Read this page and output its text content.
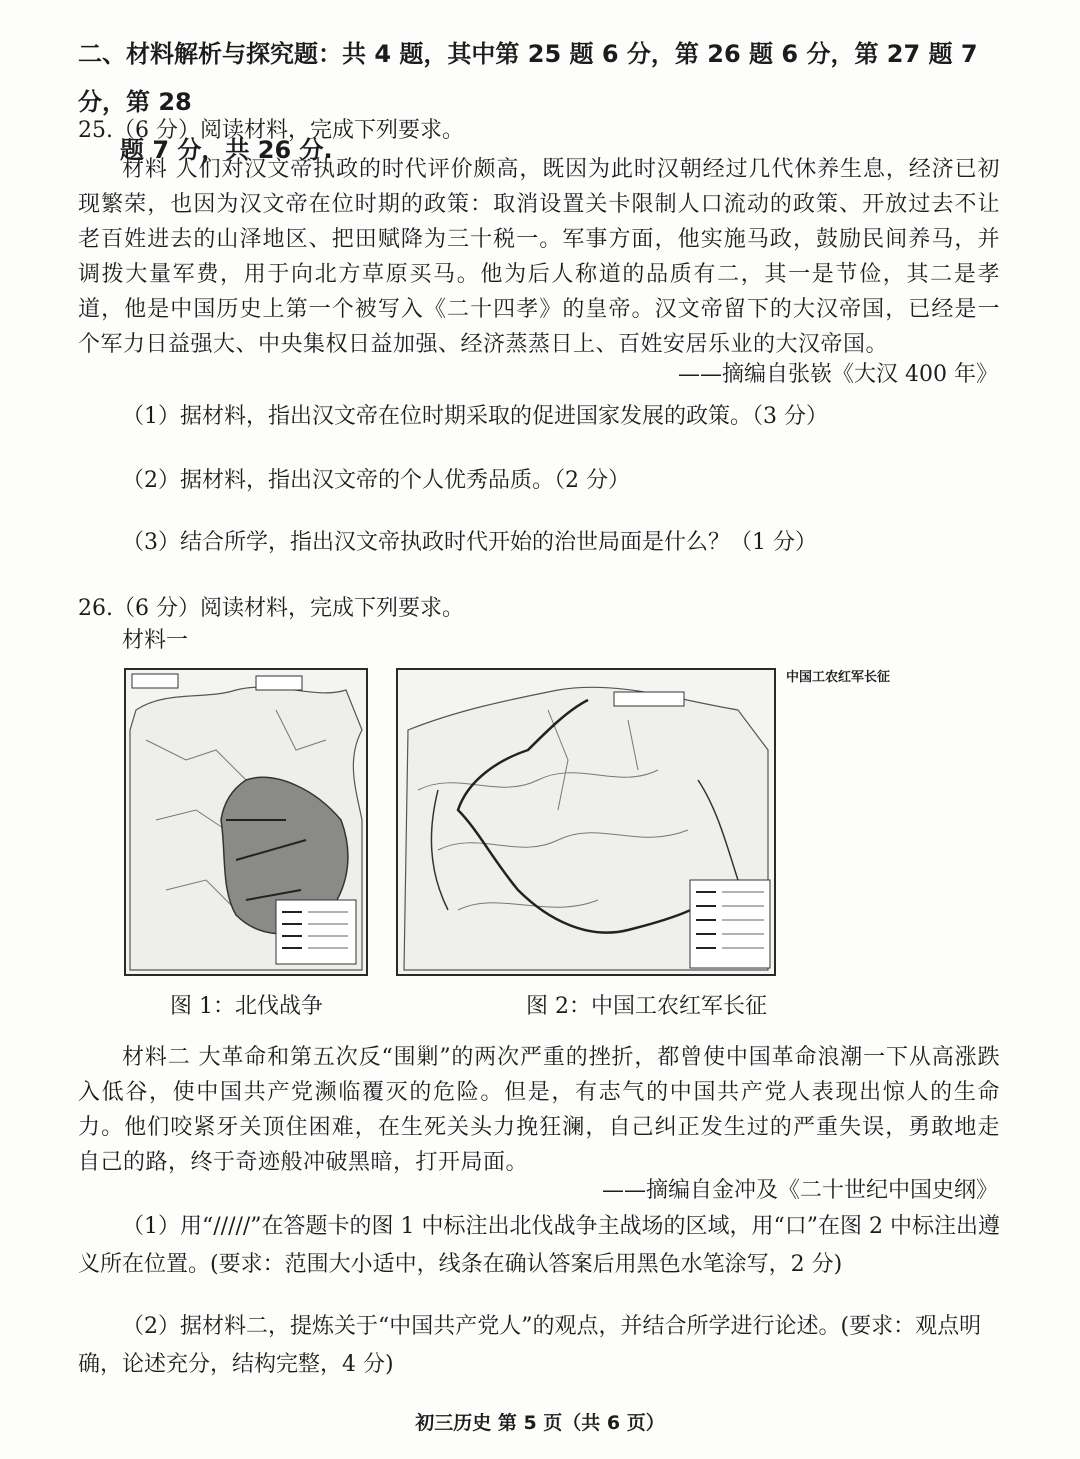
二、材料解析与探究题：共 4 题，其中第 25 题 6 分，第 26 题 6 分，第 27 题 7 分，第 28
题 7 分，共 26 分.
25.（6 分）阅读材料，完成下列要求。
材料 人们对汉文帝执政的时代评价颇高，既因为此时汉朝经过几代休养生息，经济已初现繁荣，也因为汉文帝在位时期的政策：取消设置关卡限制人口流动的政策、开放过去不让老百姓进去的山泽地区、把田赋降为三十税一。军事方面，他实施马政，鼓励民间养马，并调拨大量军费，用于向北方草原买马。他为后人称道的品质有二，其一是节俭，其二是孝道，他是中国历史上第一个被写入《二十四孝》的皇帝。汉文帝留下的大汉帝国，已经是一个军力日益强大、中央集权日益加强、经济蒸蒸日上、百姓安居乐业的大汉帝国。
——摘编自张嵚《大汉 400 年》
（1）据材料，指出汉文帝在位时期采取的促进国家发展的政策。（3 分）
（2）据材料，指出汉文帝的个人优秀品质。（2 分）
（3）结合所学，指出汉文帝执政时代开始的治世局面是什么？（1 分）
26.（6 分）阅读材料，完成下列要求。
材料一
中国工农红军长征
图 1：北伐战争	图 2：中国工农红军长征
材料二 大革命和第五次反“围剿”的两次严重的挫折，都曾使中国革命浪潮一下从高涨跌入低谷，使中国共产党濒临覆灭的危险。但是，有志气的中国共产党人表现出惊人的生命力。他们咬紧牙关顶住困难，在生死关头力挽狂澜，自己纠正发生过的严重失误，勇敢地走自己的路，终于奇迹般冲破黑暗，打开局面。
——摘编自金冲及《二十世纪中国史纲》
（1）用“/////”在答题卡的图 1 中标注出北伐战争主战场的区域，用“口”在图 2 中标注出遵义所在位置。(要求：范围大小适中，线条在确认答案后用黑色水笔涂写，2 分)
（2）据材料二，提炼关于“中国共产党人”的观点，并结合所学进行论述。(要求：观点明确，论述充分，结构完整，4 分)
初三历史 第 5 页（共 6 页）
